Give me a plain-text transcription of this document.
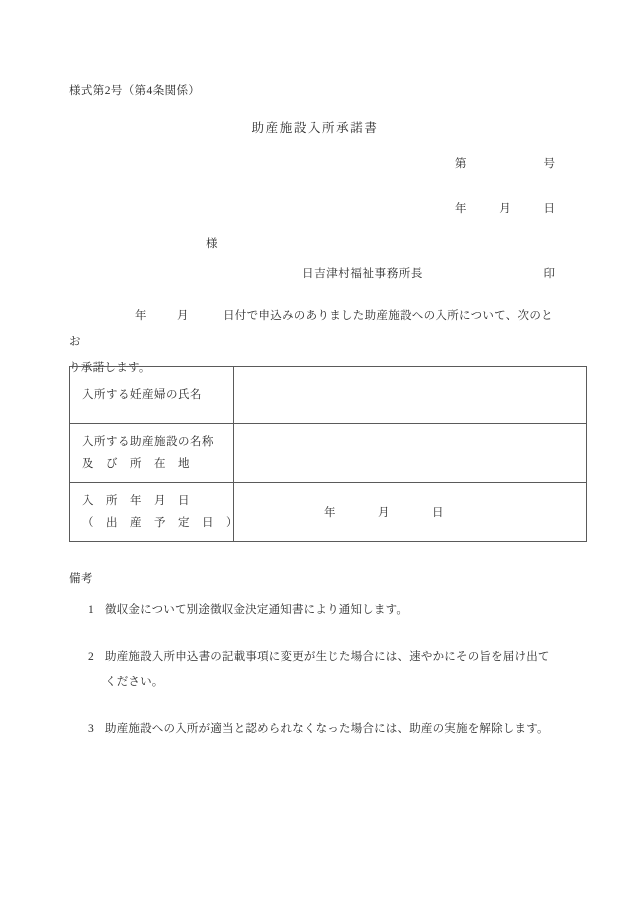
様式第2号（第4条関係）
助産施設入所承諾書
第	号
年	月	日
様
日吉津村福祉事務所長	印
年	月	日付で申込みのありました助産施設への入所について、次のとお
り承諾します。
入所する妊産婦の氏名	

入所する助産施設の名称
及　び　所　在　地	

入　所　年　月　日
（　出　産　予　定　日　）	年 月 日
備考
1 徴収金について別途徴収金決定通知書により通知します。
2 助産施設入所申込書の記載事項に変更が生じた場合には、速やかにその旨を届け出てください。
3 助産施設への入所が適当と認められなくなった場合には、助産の実施を解除します。
